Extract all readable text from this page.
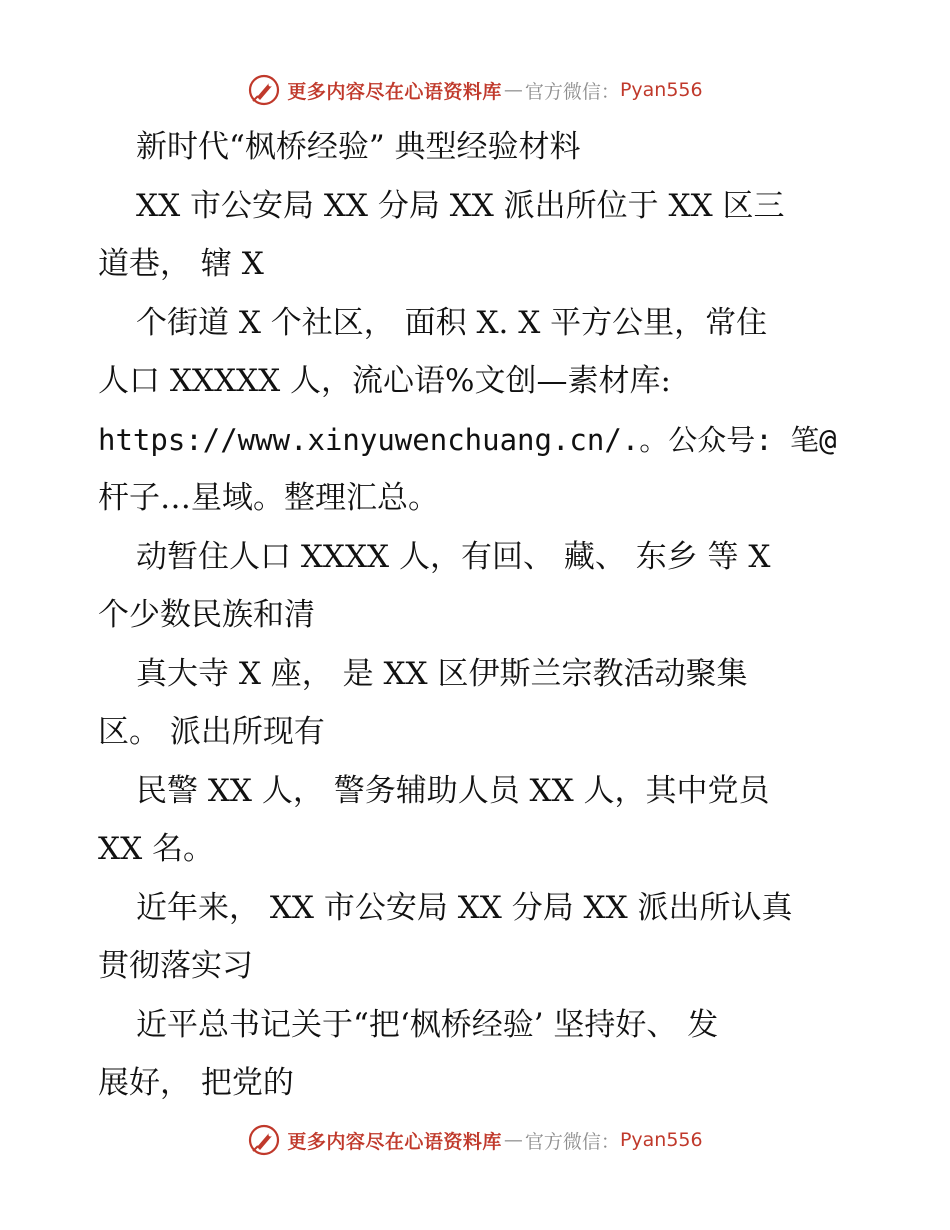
更多内容尽在心语资料库 — 官方微信： Pyan556
新时代“枫桥经验” 典型经验材料
XX 市公安局 XX 分局 XX 派出所位于 XX 区三
道巷， 辖 X
个街道 X 个社区， 面积 X. X 平方公里，常住
人口 XXXXX 人，流心语%文创—素材库:
https://www.xinyuwenchuang.cn/.。公众号: 笔@
杆子…星域。整理汇总。
动暂住人口 XXXX 人，有回、 藏、 东乡 等 X
个少数民族和清
真大寺 X 座， 是 XX 区伊斯兰宗教活动聚集
区。 派出所现有
民警 XX 人， 警务辅助人员 XX 人，其中党员
XX 名。
近年来， XX 市公安局 XX 分局 XX 派出所认真
贯彻落实习
近平总书记关于“把‘枫桥经验’ 坚持好、 发
展好， 把党的
更多内容尽在心语资料库 — 官方微信： Pyan556
